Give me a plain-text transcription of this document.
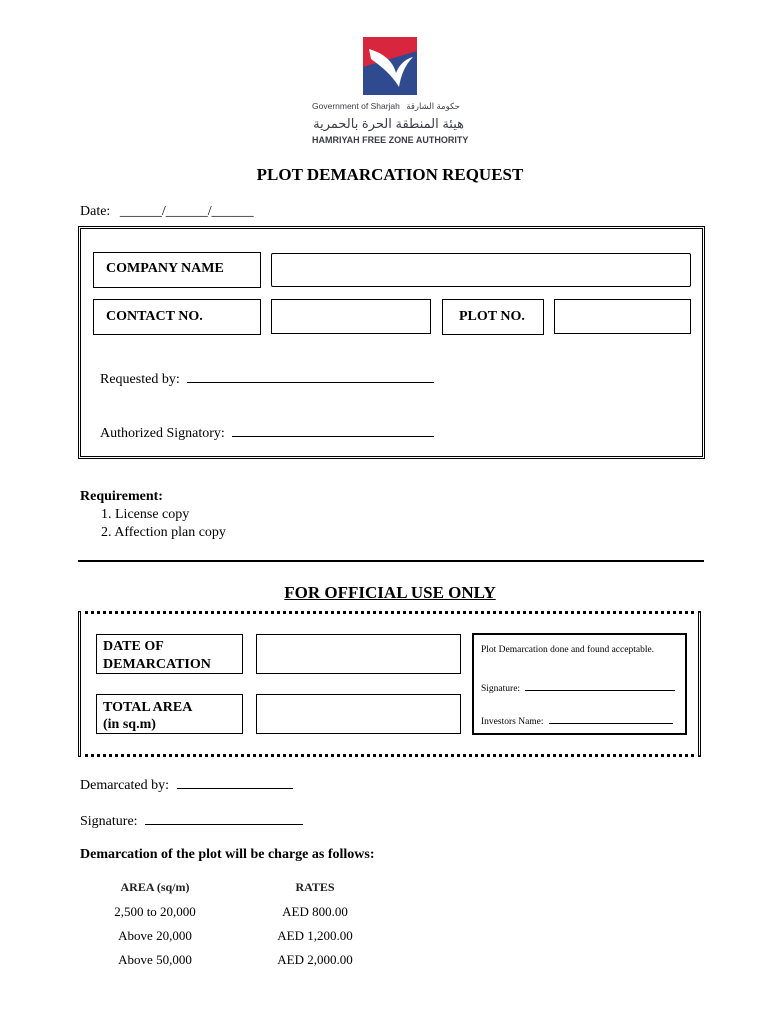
Government of Sharjah حكومة الشارقة
هيئة المنطقة الحرة بالحمرية
HAMRIYAH FREE ZONE AUTHORITY
PLOT DEMARCATION REQUEST
Date: ______/______/______
COMPANY NAME
CONTACT NO.	PLOT NO.
Requested by:
Authorized Signatory:
Requirement:
1. License copy
2. Affection plan copy
FOR OFFICIAL USE ONLY
DATE OF
DEMARCATION
TOTAL AREA
(in sq.m)
Plot Demarcation done and found acceptable.
Signature:
Investors Name:
Demarcated by:
Signature:
Demarcation of the plot will be charge as follows:
AREA (sq/m)	RATES
2,500 to 20,000	AED 800.00
Above 20,000	AED 1,200.00
Above 50,000	AED 2,000.00
